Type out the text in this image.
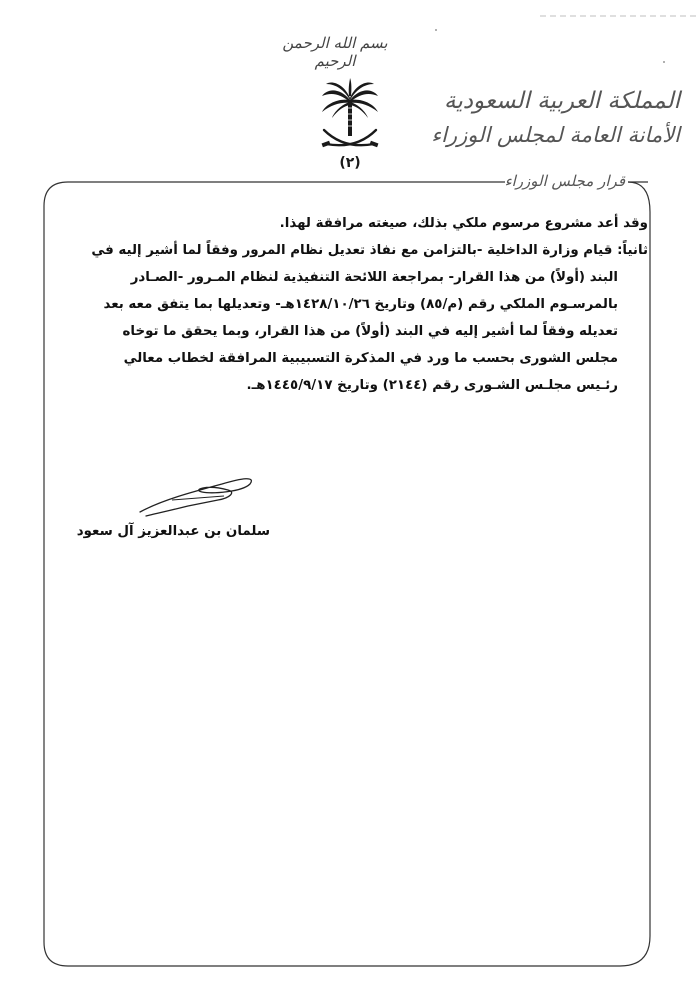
بسم الله الرحمن الرحيم
(٢)
المملكة العربية السعودية
الأمانة العامة لمجلس الوزراء
قرار مجلس الوزراء

وقد أعد مشروع مرسوم ملكي بذلك، صيغته مرافقة لهذا.

ثانياً: قيام وزارة الداخلية -بالتزامن مع نفاذ تعديل نظام المرور وفقاً لما أشير إليه في البند (أولاً) من هذا القرار- بمراجعة اللائحة التنفيذية لنظام المـرور -الصـادر بالمرسـوم الملكي رقم (م/٨٥) وتاريخ ١٤٢٨/١٠/٢٦هـ- وتعديلها بما يتفق معه بعد تعديله وفقاً لما أشير إليه في البند (أولاً) من هذا القرار، وبما يحقق ما توخاه مجلس الشورى بحسب ما ورد في المذكرة التسبيبية المرافقة لخطاب معالي رئـيس مجلـس الشـورى رقم (٢١٤٤) وتاريخ ١٤٤٥/٩/١٧هـ.

سلمان بن عبدالعزيز آل سعود
